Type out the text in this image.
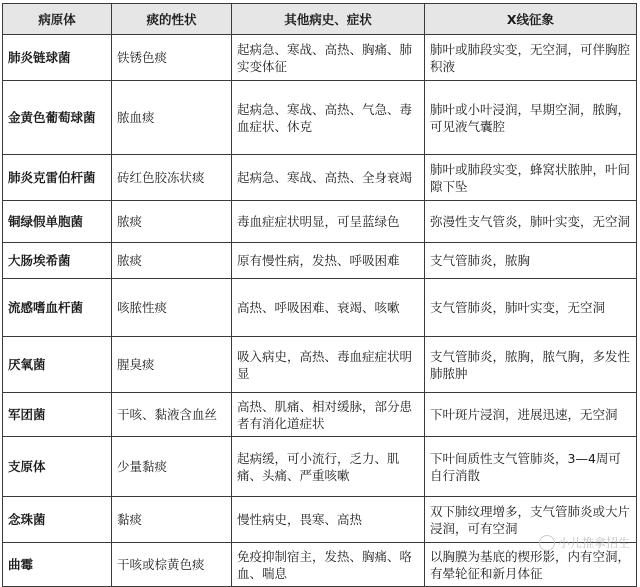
病原体	痰的性状	其他病史、症状	X线征象
肺炎链球菌	铁锈色痰	起病急、寒战、高热、胸痛、肺实变体征	肺叶或肺段实变，无空洞，可伴胸腔积液
金黄色葡萄球菌	脓血痰	起病急、寒战、高热、气急、毒血症状、休克	肺叶或小叶浸润，早期空洞，脓胸，可见液气囊腔
肺炎克雷伯杆菌	砖红色胶冻状痰	起病急、寒战、高热、全身衰竭	肺叶或肺段实变，蜂窝状脓肿，叶间隙下坠
铜绿假单胞菌	脓痰	毒血症症状明显，可呈蓝绿色	弥漫性支气管炎，肺叶实变，无空洞
大肠埃希菌	脓痰	原有慢性病，发热、呼吸困难	支气管肺炎，脓胸
流感嗜血杆菌	咳脓性痰	高热、呼吸困难、衰竭、咳嗽	支气管肺炎，肺叶实变，无空洞
厌氧菌	腥臭痰	吸入病史，高热、毒血症症状明显	支气管肺炎，脓胸，脓气胸，多发性肺脓肿
军团菌	干咳、黏液含血丝	高热、肌痛、相对缓脉，部分患者有消化道症状	下叶斑片浸润，进展迅速，无空洞
支原体	少量黏痰	起病缓，可小流行，乏力、肌痛、头痛、严重咳嗽	下叶间质性支气管肺炎，3—4周可自行消散
念珠菌	黏痰	慢性病史，畏寒、高热	双下肺纹理增多，支气管肺炎或大片浸润，可有空洞
曲霉	干咳或棕黄色痰	免疫抑制宿主，发热、胸痛、咯血、喘息	以胸膜为基底的楔形影，内有空洞，有晕轮征和新月体征
小儿推拿招生
